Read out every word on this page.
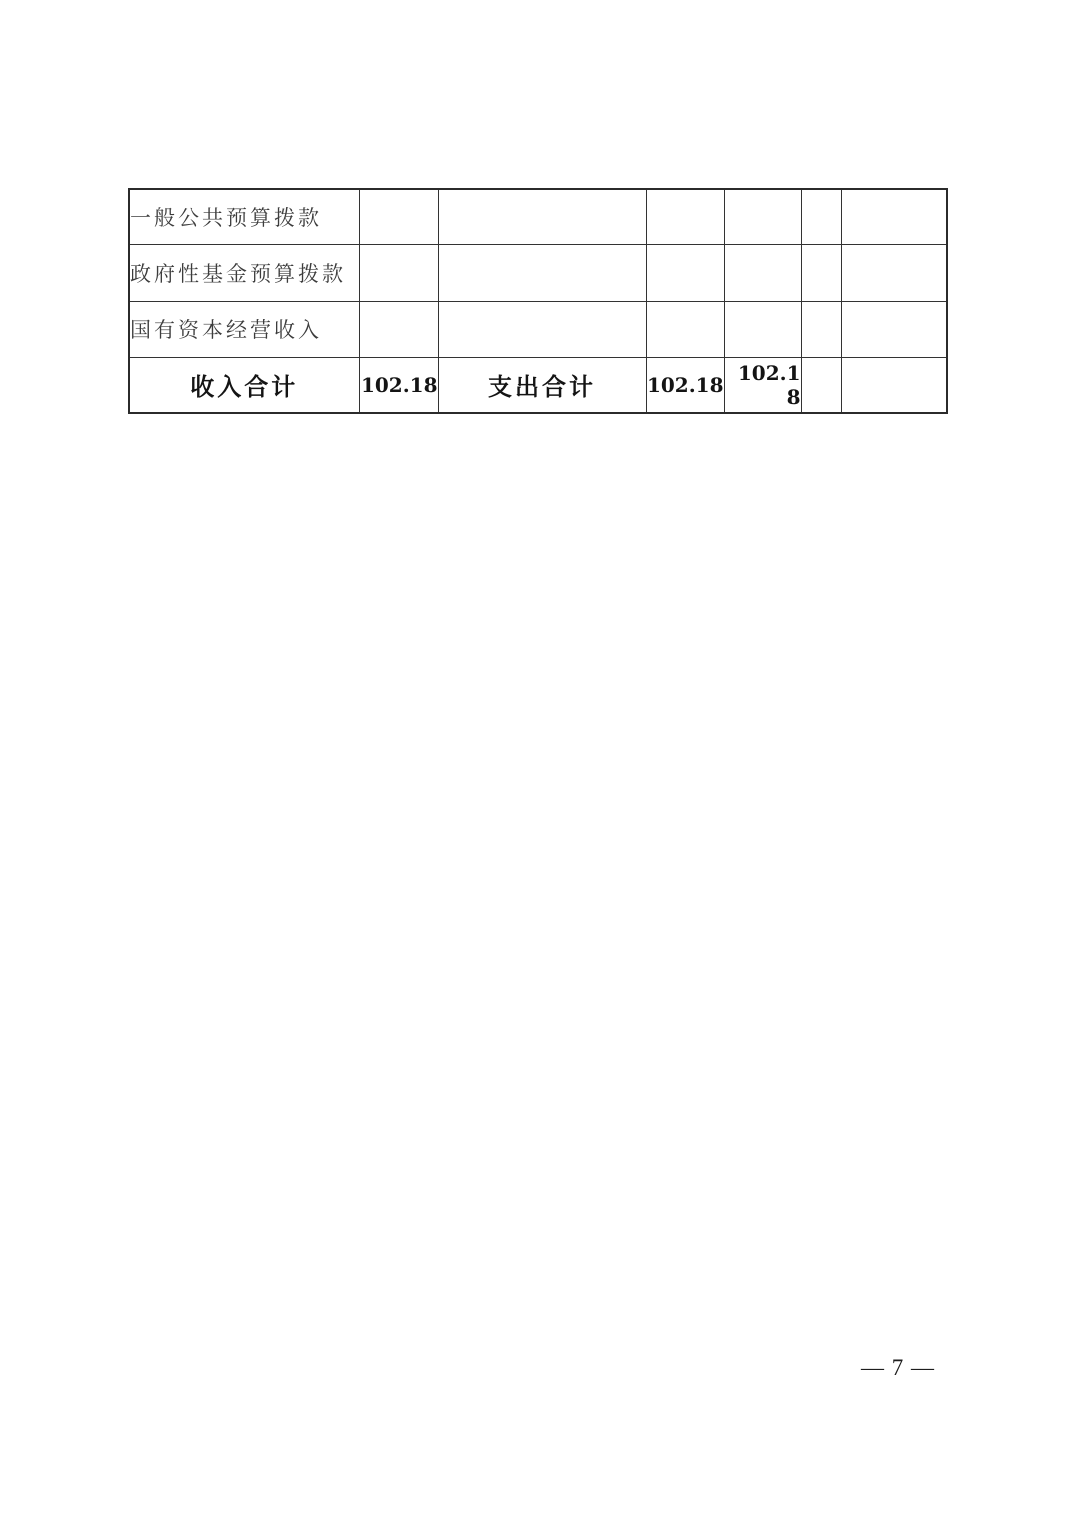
一般公共预算拨款						
政府性基金预算拨款						
国有资本经营收入						
收入合计	102.18	支出合计	102.18	102.18		
— 7 —
